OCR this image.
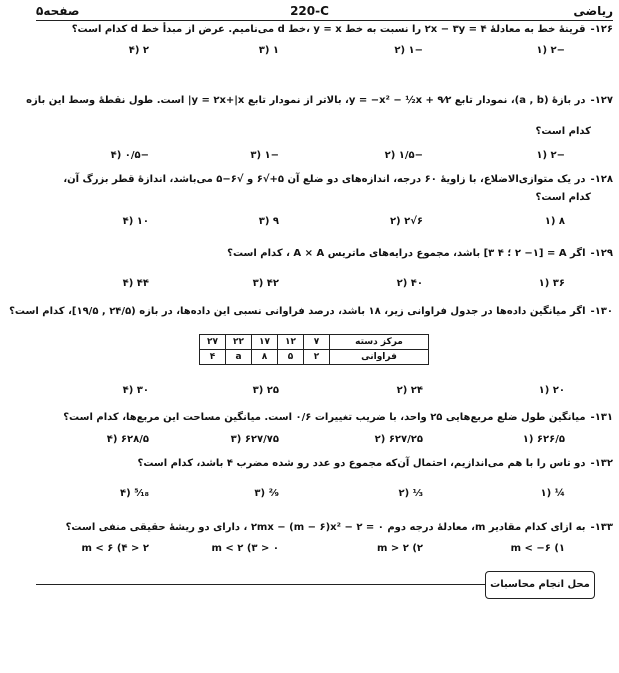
ریاضی
220-C
صفحه۵
۱۲۶-قرینهٔ خط به معادلهٔ ۴ = ۲x − ۳y را نسبت به خط y = x ،خط d می‌نامیم. عرض از مبدأ خط d کدام است؟
−۲ (۱
−۱ (۲
۱ (۳
۲ (۴
۱۲۷-در بازهٔ (a , b)، نمودار تابع y = −x² − ½x + ۹⁄۲، بالاتر از نمودار تابع y = ۲x+|x| است. طول نقطهٔ وسط این بازه
کدام است؟
−۲ (۱
−۱/۵ (۲
−۱ (۳
−۰/۵ (۴
۱۲۸-در یک متوازی‌الاضلاع، با زاویهٔ ۶۰ درجه، اندازه‌های دو ضلع آن ۵+√۶ و √۶−۵ می‌باشد، اندازهٔ قطر بزرگ آن،
کدام است؟
۸ (۱
۶√۲ (۲
۹ (۳
۱۰ (۴
۱۲۹-اگر A = [۲ −۱ ؛ ۴ ۳] باشد، مجموع درایه‌های ماتریس A × A ، کدام است؟
۳۶ (۱
۴۰ (۲
۴۲ (۳
۴۴ (۴
۱۳۰-اگر میانگین داده‌ها در جدول فراوانی زیر، ۱۸ باشد، درصد فراوانی نسبی این داده‌ها، در بازه (۲۴/۵ , ۱۹/۵]، کدام است؟
مرکز دسته	۷	۱۲	۱۷	۲۲	۲۷
فراوانی	۲	۵	۸	a	۴
۲۰ (۱
۲۴ (۲
۲۵ (۳
۳۰ (۴
۱۳۱-میانگین طول ضلع مربع‌هایی ۲۵ واحد، با ضریب تغییرات ۰/۶ است. میانگین مساحت این مربع‌ها، کدام است؟
۶۲۶/۵ (۱
۶۲۷/۲۵ (۲
۶۲۷/۷۵ (۳
۶۲۸/۵ (۴
۱۳۲-دو تاس را با هم می‌اندازیم، احتمال آن‌که مجموع دو عدد رو شده مضرب ۴ باشد، کدام است؟
¼ (۱
⅓ (۲
²⁄₉ (۳
⁵⁄₁₈ (۴
۱۳۳-به ازای کدام مقادیر m، معادلهٔ درجه دوم ۰ = ۲ − ۲mx − (m − ۶)x² ، دارای دو ریشهٔ حقیقی منفی است؟
m < −۶ (۱
m > ۲ (۲
۰ < m < ۲ (۳
۲ < m < ۶ (۴
محل انجام محاسبات
